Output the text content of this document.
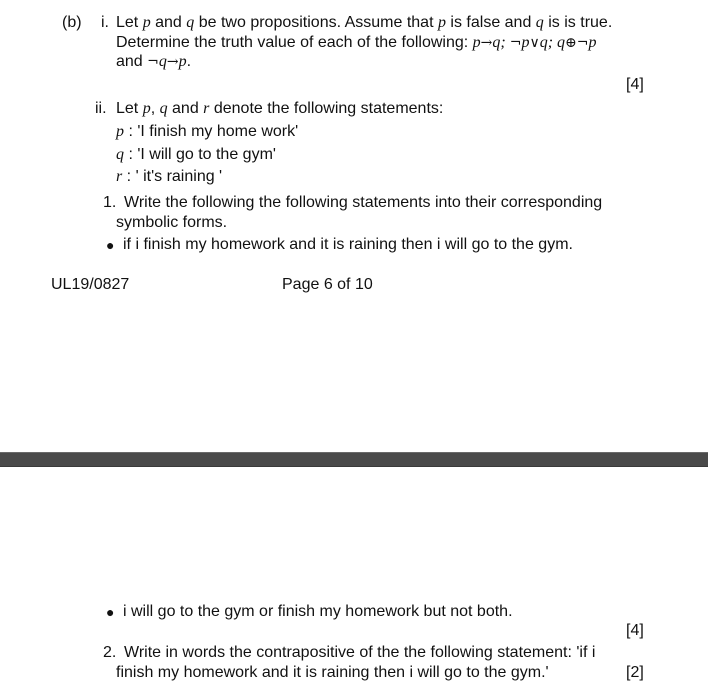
(b) i. Let p and q be two propositions. Assume that p is false and q is is true.
Determine the truth value of each of the following: p→q; ¬p∨q; q⊕¬p
and ¬q→p.
[4]
ii. Let p, q and r denote the following statements:
p : 'I finish my home work'
q : 'I will go to the gym'
r : ' it's raining '
1. Write the following the following statements into their corresponding
symbolic forms.
● if i finish my homework and it is raining then i will go to the gym.
UL19/0827	Page 6 of 10
● i will go to the gym or finish my homework but not both.
[4]
2. Write in words the contrapositive of the the following statement: 'if i
finish my homework and it is raining then i will go to the gym.'	[2]
